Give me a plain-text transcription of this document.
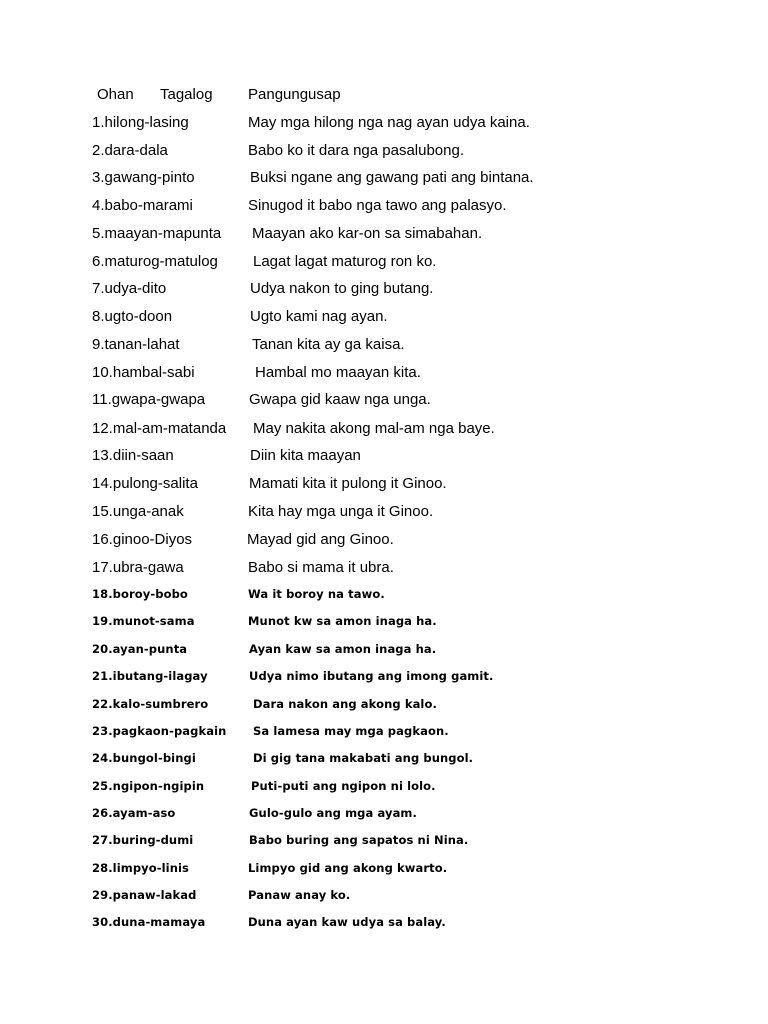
Ohan Tagalog Pangungusap
1.hilong-lasing	May mga hilong nga nag ayan udya kaina.
2.dara-dala	Babo ko it dara nga pasalubong.
3.gawang-pinto	Buksi ngane ang gawang pati ang bintana.
4.babo-marami	Sinugod it babo nga tawo ang palasyo.
5.maayan-mapunta Maayan ako kar-on sa simabahan.
6.maturog-matulog Lagat lagat maturog ron ko.
7.udya-dito	Udya nakon to ging butang.
8.ugto-doon	Ugto kami nag ayan.
9.tanan-lahat	Tanan kita ay ga kaisa.
10.hambal-sabi	Hambal mo maayan kita.
11.gwapa-gwapa	Gwapa gid kaaw nga unga.
12.mal-am-matanda May nakita akong mal-am nga baye.
13.diin-saan	Diin kita maayan
14.pulong-salita	Mamati kita it pulong it Ginoo.
15.unga-anak	Kita hay mga unga it Ginoo.
16.ginoo-Diyos	Mayad gid ang Ginoo.
17.ubra-gawa	Babo si mama it ubra.
18.boroy-bobo	Wa it boroy na tawo.
19.munot-sama	Munot kw sa amon inaga ha.
20.ayan-punta	Ayan kaw sa amon inaga ha.
21.ibutang-ilagay	Udya nimo ibutang ang imong gamit.
22.kalo-sumbrero	Dara nakon ang akong kalo.
23.pagkaon-pagkain Sa lamesa may mga pagkaon.
24.bungol-bingi	Di gig tana makabati ang bungol.
25.ngipon-ngipin	Puti-puti ang ngipon ni lolo.
26.ayam-aso	Gulo-gulo ang mga ayam.
27.buring-dumi	Babo buring ang sapatos ni Nina.
28.limpyo-linis	Limpyo gid ang akong kwarto.
29.panaw-lakad	Panaw anay ko.
30.duna-mamaya	Duna ayan kaw udya sa balay.
